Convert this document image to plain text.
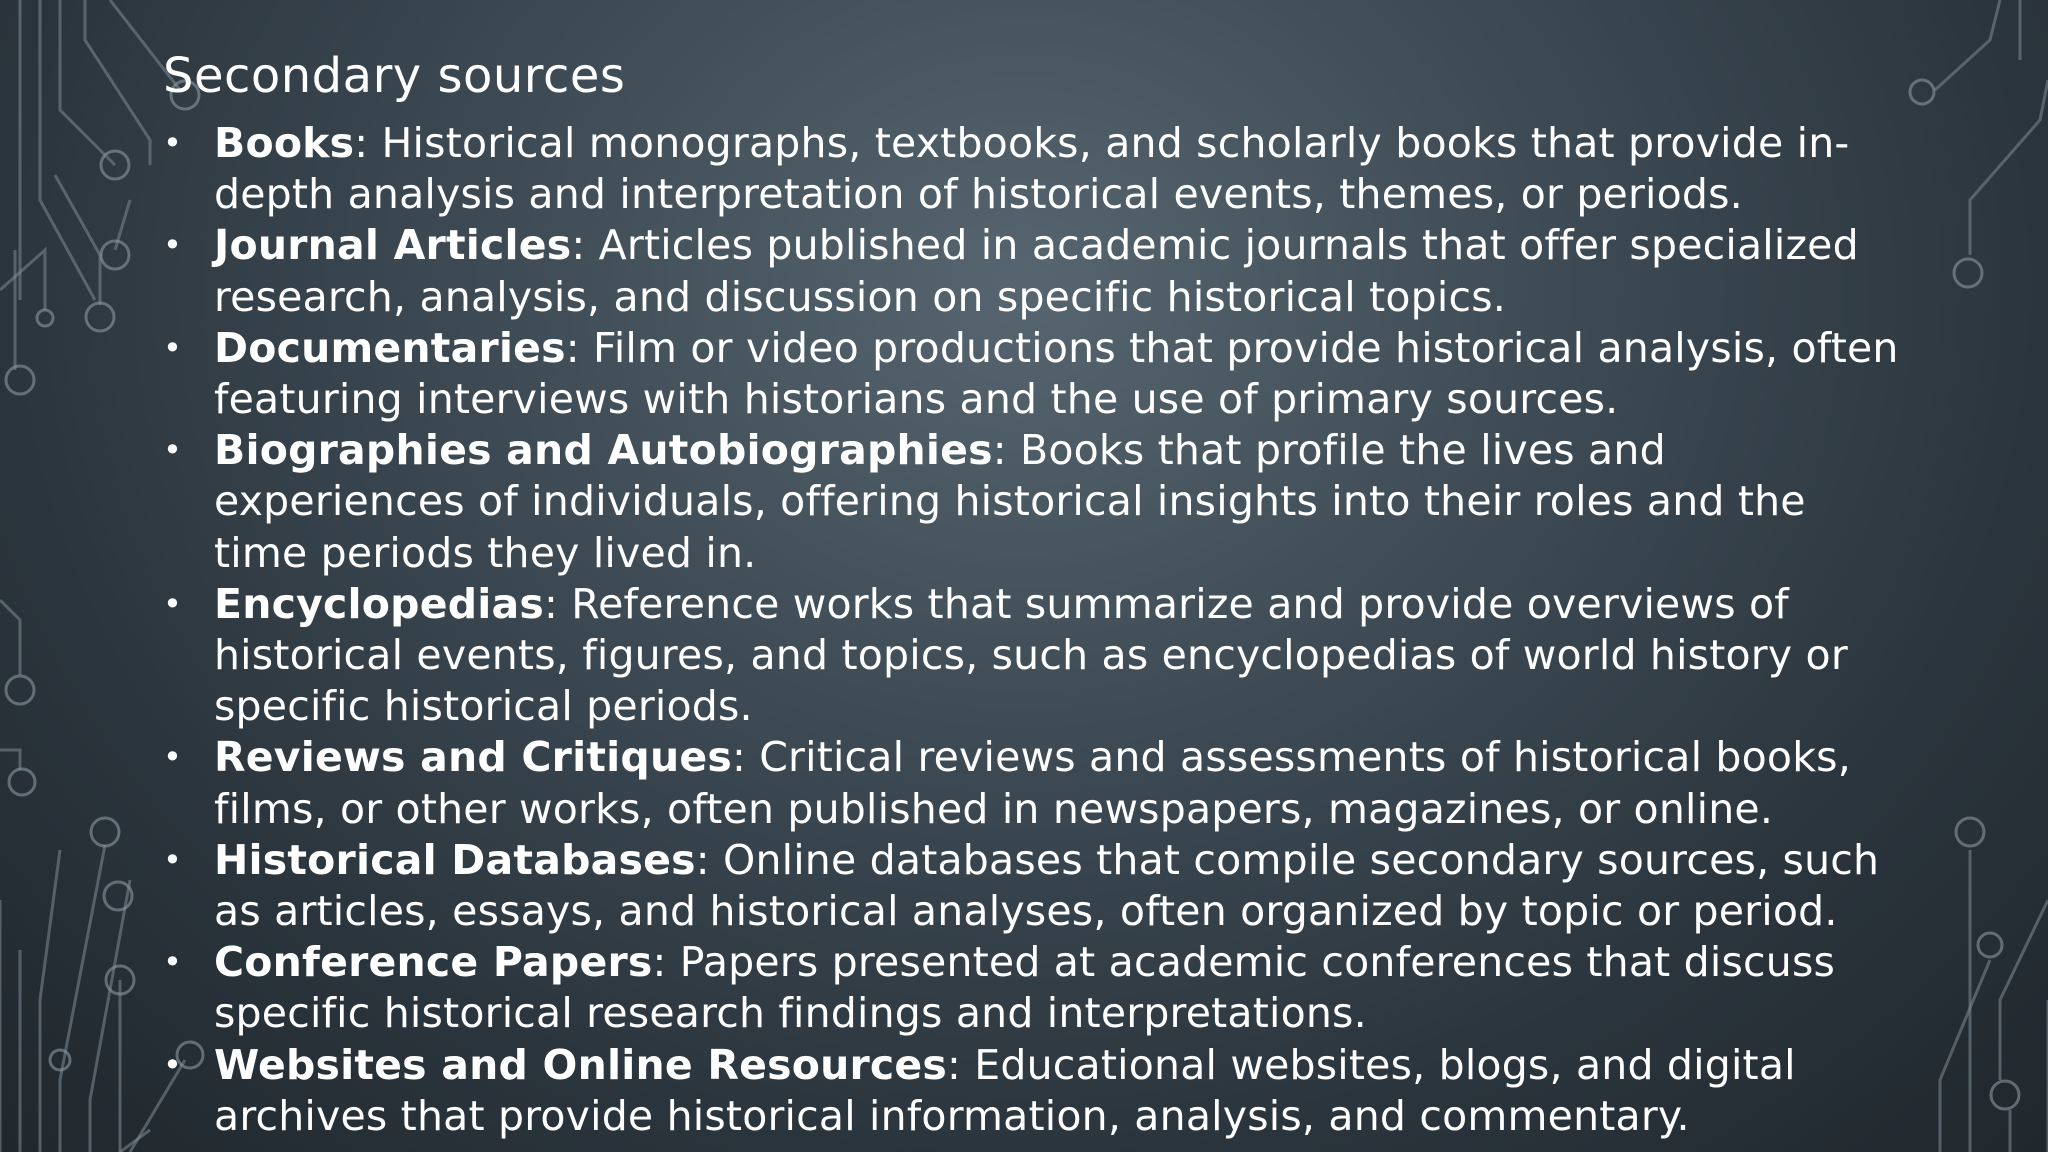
Secondary sources
• Books: Historical monographs, textbooks, and scholarly books that provide in-depth analysis and interpretation of historical events, themes, or periods.
• Journal Articles: Articles published in academic journals that offer specialized research, analysis, and discussion on specific historical topics.
• Documentaries: Film or video productions that provide historical analysis, often featuring interviews with historians and the use of primary sources.
• Biographies and Autobiographies: Books that profile the lives and experiences of individuals, offering historical insights into their roles and the time periods they lived in.
• Encyclopedias: Reference works that summarize and provide overviews of historical events, figures, and topics, such as encyclopedias of world history or specific historical periods.
• Reviews and Critiques: Critical reviews and assessments of historical books, films, or other works, often published in newspapers, magazines, or online.
• Historical Databases: Online databases that compile secondary sources, such as articles, essays, and historical analyses, often organized by topic or period.
• Conference Papers: Papers presented at academic conferences that discuss specific historical research findings and interpretations.
• Websites and Online Resources: Educational websites, blogs, and digital archives that provide historical information, analysis, and commentary.
